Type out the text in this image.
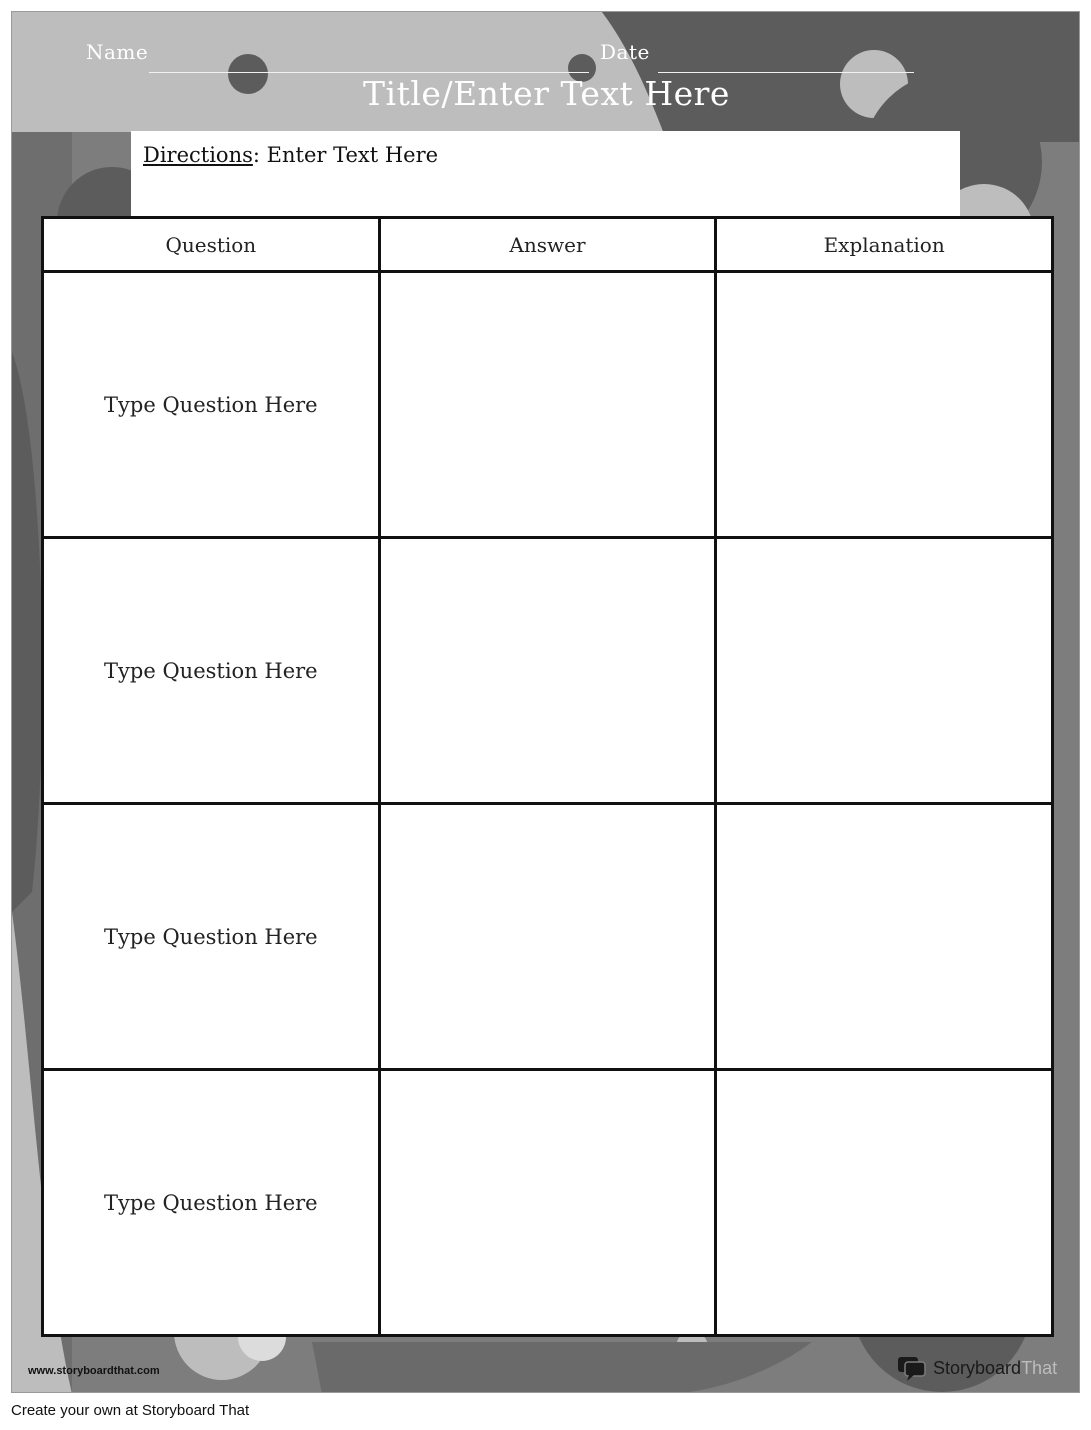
Name	Date
Title/Enter Text Here
Directions: Enter Text Here
Question	Answer	Explanation
Type Question Here		
Type Question Here		
Type Question Here		
Type Question Here		
www.storyboardthat.com	Storyboard That
Create your own at Storyboard That
